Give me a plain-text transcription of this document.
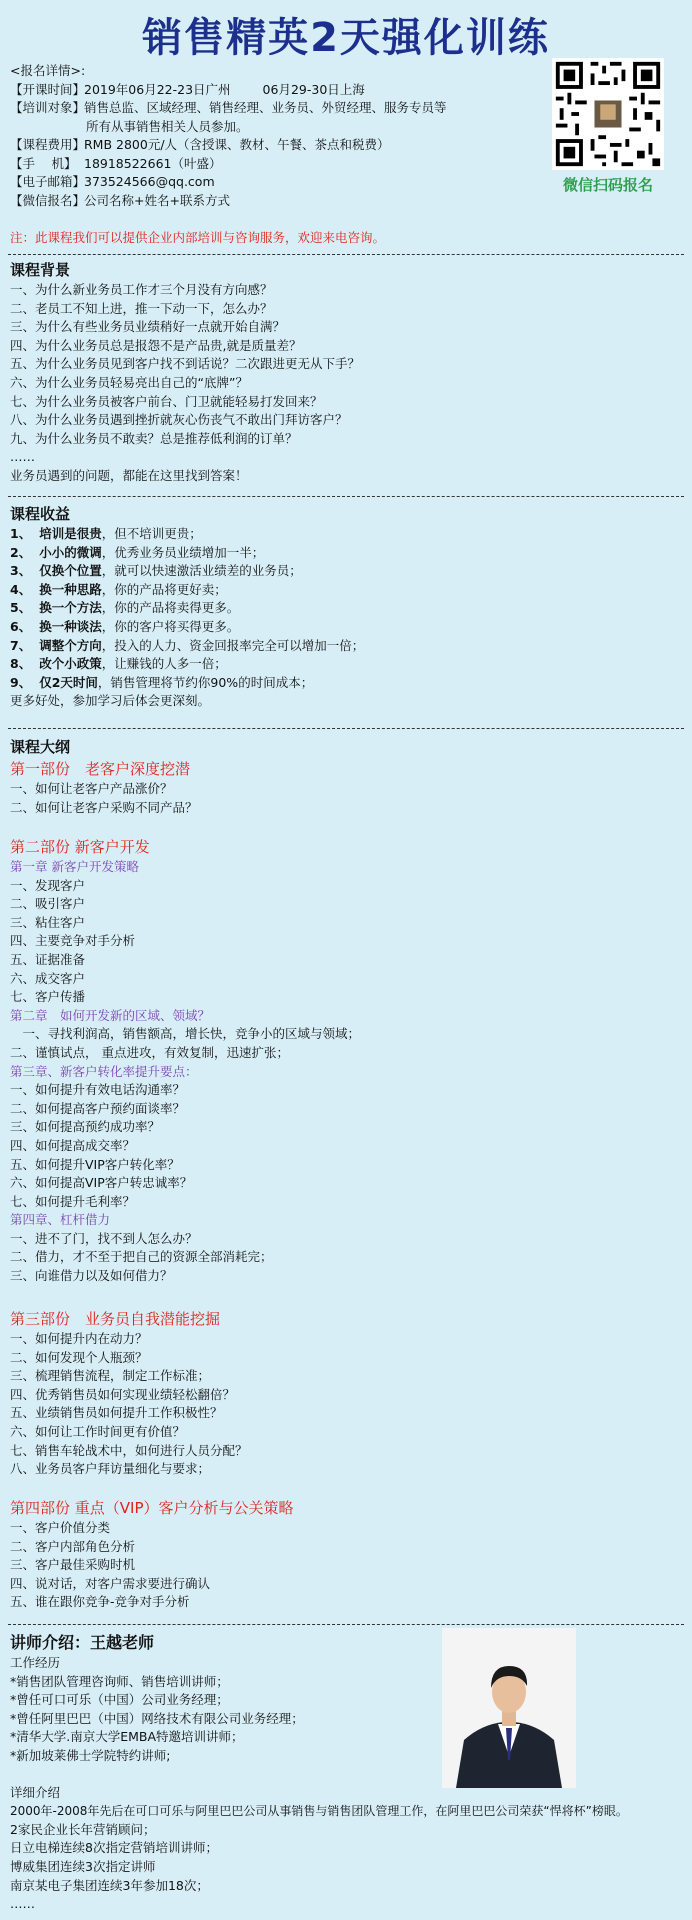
销售精英2天强化训练
<报名详情>:
【开课时间】2019年06月22-23日广州	06月29-30日上海
【培训对象】销售总监、区域经理、销售经理、业务员、外贸经理、服务专员等
所有从事销售相关人员参加。
【课程费用】RMB 2800元/人（含授课、教材、午餐、茶点和税费）
【手　 机】 18918522661（叶盛）
【电子邮箱】373524566@qq.com
【微信报名】公司名称+姓名+联系方式
微信扫码报名
注：此课程我们可以提供企业内部培训与咨询服务，欢迎来电咨询。
课程背景
一、为什么新业务员工作才三个月没有方向感？
二、老员工不知上进，推一下动一下，怎么办？
三、为什么有些业务员业绩稍好一点就开始自满？
四、为什么业务员总是报怨不是产品贵,就是质量差？
五、为什么业务员见到客户找不到话说？二次跟进更无从下手？
六、为什么业务员轻易亮出自己的“底牌”？
七、为什么业务员被客户前台、门卫就能轻易打发回来？
八、为什么业务员遇到挫折就灰心伤丧气不敢出门拜访客户？
九、为什么业务员不敢卖？总是推荐低利润的订单？
……
业务员遇到的问题，都能在这里找到答案！
课程收益
1、 培训是很贵，但不培训更贵；
2、 小小的微调，优秀业务员业绩增加一半；
3、 仅换个位置，就可以快速激活业绩差的业务员；
4、 换一种思路，你的产品将更好卖；
5、 换一个方法，你的产品将卖得更多。
6、 换一种谈法，你的客户将买得更多。
7、 调整个方向，投入的人力、资金回报率完全可以增加一倍；
8、 改个小政策，让赚钱的人多一倍；
9、 仅2天时间，销售管理将节约你90%的时间成本；
更多好处，参加学习后体会更深刻。
课程大纲
第一部份　老客户深度挖潜
一、如何让老客户产品涨价？
二、如何让老客户采购不同产品？
第二部份 新客户开发
第一章 新客户开发策略
一、发现客户
二、吸引客户
三、粘住客户
四、主要竞争对手分析
五、证据准备
六、成交客户
七、客户传播
第二章　如何开发新的区域、领域？
　一、寻找利润高，销售额高，增长快，竞争小的区域与领域；
二、谨慎试点， 重点进攻，有效复制，迅速扩张；
第三章、新客户转化率提升要点：
一、如何提升有效电话沟通率？
二、如何提高客户预约面谈率？
三、如何提高预约成功率？
四、如何提高成交率？
五、如何提升VIP客户转化率？
六、如何提高VIP客户转忠诚率？
七、如何提升毛利率？
第四章、杠杆借力
一、进不了门，找不到人怎么办？
二、借力，才不至于把自己的资源全部消耗完；
三、向谁借力以及如何借力？
第三部份　业务员自我潜能挖掘
一、如何提升内在动力？
二、如何发现个人瓶颈？
三、梳理销售流程，制定工作标准；
四、优秀销售员如何实现业绩轻松翻倍？
五、业绩销售员如何提升工作积极性？
六、如何让工作时间更有价值？
七、销售车轮战术中，如何进行人员分配？
八、业务员客户拜访量细化与要求；
第四部份 重点（VIP）客户分析与公关策略
一、客户价值分类
二、客户内部角色分析
三、客户最佳采购时机
四、说对话，对客户需求要进行确认
五、谁在跟你竞争-竞争对手分析
讲师介绍：王越老师
工作经历
*销售团队管理咨询师、销售培训讲师；
*曾任可口可乐（中国）公司业务经理；
*曾任阿里巴巴（中国）网络技术有限公司业务经理；
*清华大学.南京大学EMBA特邀培训讲师；
*新加坡莱佛士学院特约讲师;
详细介绍
2000年-2008年先后在可口可乐与阿里巴巴公司从事销售与销售团队管理工作，在阿里巴巴公司荣获“悍将杯”榜眼。
2家民企业长年营销顾问；
日立电梯连续8次指定营销培训讲师；
博威集团连续3次指定讲师
南京某电子集团连续3年参加18次；
……
